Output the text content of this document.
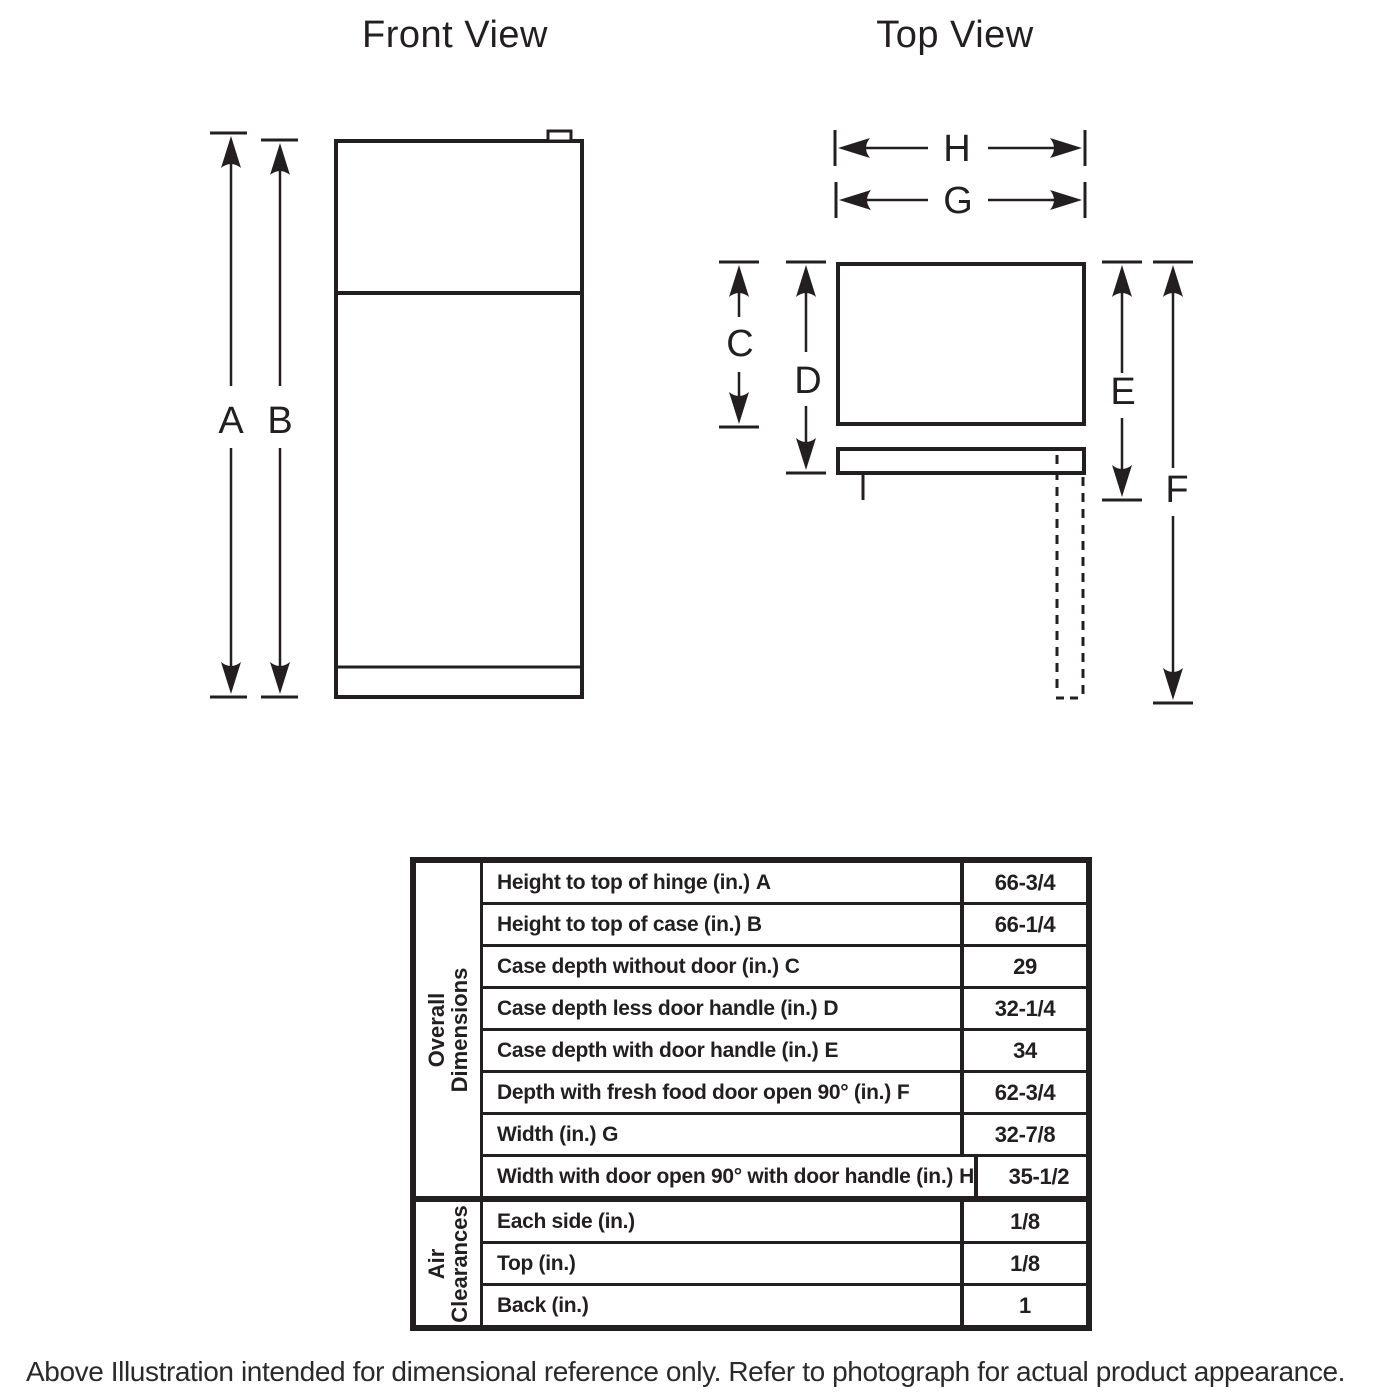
Front View
A B
Top View
H
G
C
D	E
F
Overall
Dimensions
Height to top of hinge (in.) A	66-3/4
Height to top of case (in.) B	66-1/4
Case depth without door (in.) C	29
Case depth less door handle (in.) D	32-1/4
Case depth with door handle (in.) E	34
Depth with fresh food door open 90° (in.) F	62-3/4
Width (in.) G	32-7/8
Width with door open 90° with door handle (in.) H	35-1/2
Air
Clearances Each side (in.)	1/8
Top (in.)	1/8
Back (in.)	1
Above Illustration intended for dimensional reference only. Refer to photograph for actual product appearance.
